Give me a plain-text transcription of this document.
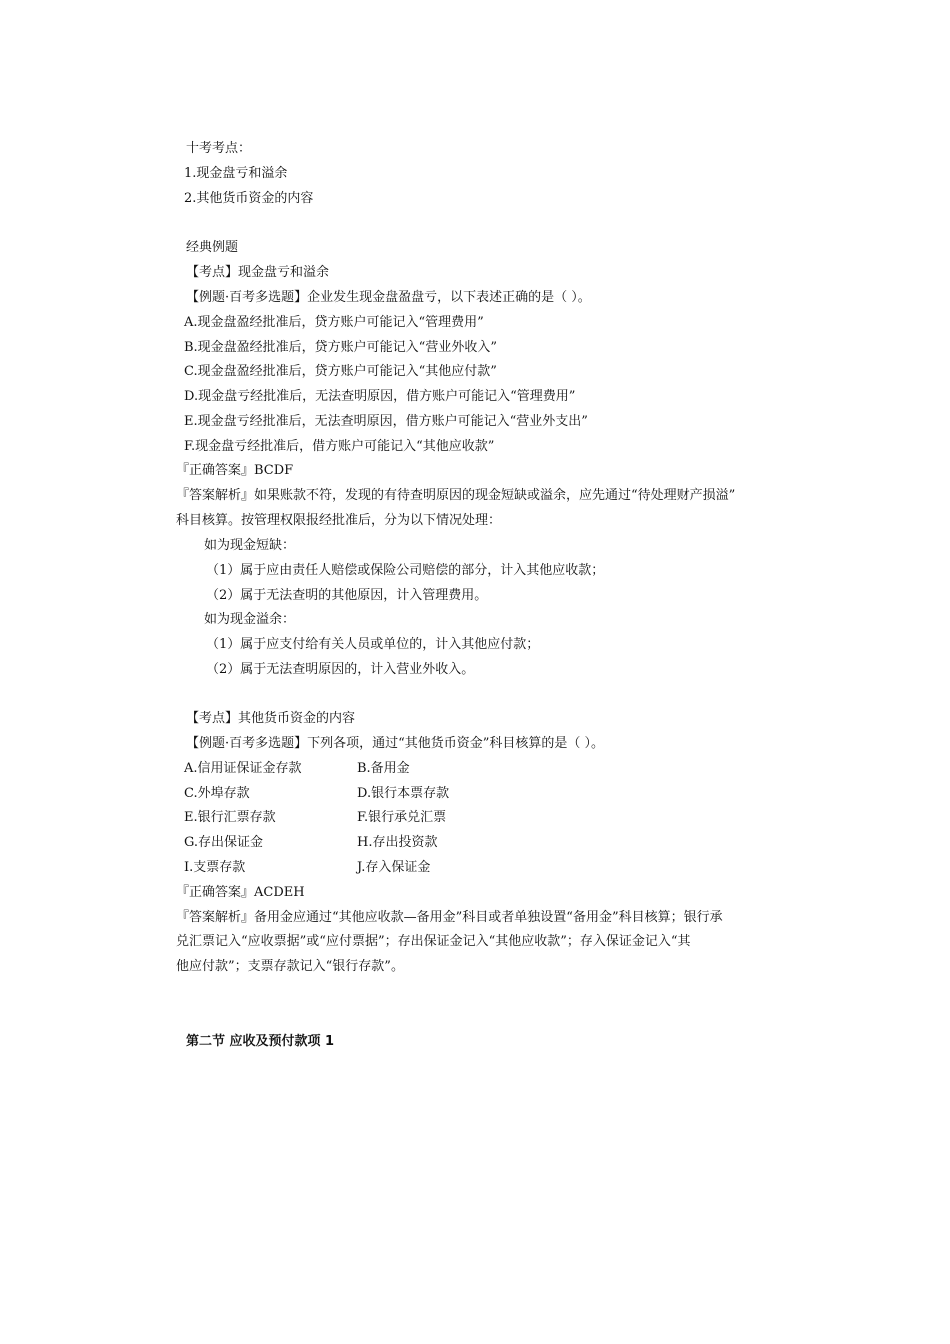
十考考点：
1.现金盘亏和溢余
2.其他货币资金的内容
经典例题
【考点】现金盘亏和溢余
【例题·百考多选题】企业发生现金盘盈盘亏，以下表述正确的是（ ）。
A.现金盘盈经批准后，贷方账户可能记入“管理费用”
B.现金盘盈经批准后，贷方账户可能记入“营业外收入”
C.现金盘盈经批准后，贷方账户可能记入“其他应付款”
D.现金盘亏经批准后，无法查明原因，借方账户可能记入“管理费用”
E.现金盘亏经批准后，无法查明原因，借方账户可能记入“营业外支出”
F.现金盘亏经批准后，借方账户可能记入“其他应收款”
『正确答案』BCDF
『答案解析』如果账款不符，发现的有待查明原因的现金短缺或溢余，应先通过“待处理财产损溢”
科目核算。按管理权限报经批准后，分为以下情况处理：
如为现金短缺：
（1）属于应由责任人赔偿或保险公司赔偿的部分，计入其他应收款；
（2）属于无法查明的其他原因，计入管理费用。
如为现金溢余：
（1）属于应支付给有关人员或单位的，计入其他应付款；
（2）属于无法查明原因的，计入营业外收入。
【考点】其他货币资金的内容
【例题·百考多选题】下列各项，通过“其他货币资金”科目核算的是（ ）。
A.信用证保证金存款	B.备用金
C.外埠存款	D.银行本票存款
E.银行汇票存款	F.银行承兑汇票
G.存出保证金	H.存出投资款
I.支票存款	J.存入保证金
『正确答案』ACDEH
『答案解析』备用金应通过“其他应收款—备用金”科目或者单独设置“备用金”科目核算；银行承
兑汇票记入“应收票据”或“应付票据”；存出保证金记入“其他应收款”；存入保证金记入“其
他应付款”；支票存款记入“银行存款”。
第二节 应收及预付款项 1
